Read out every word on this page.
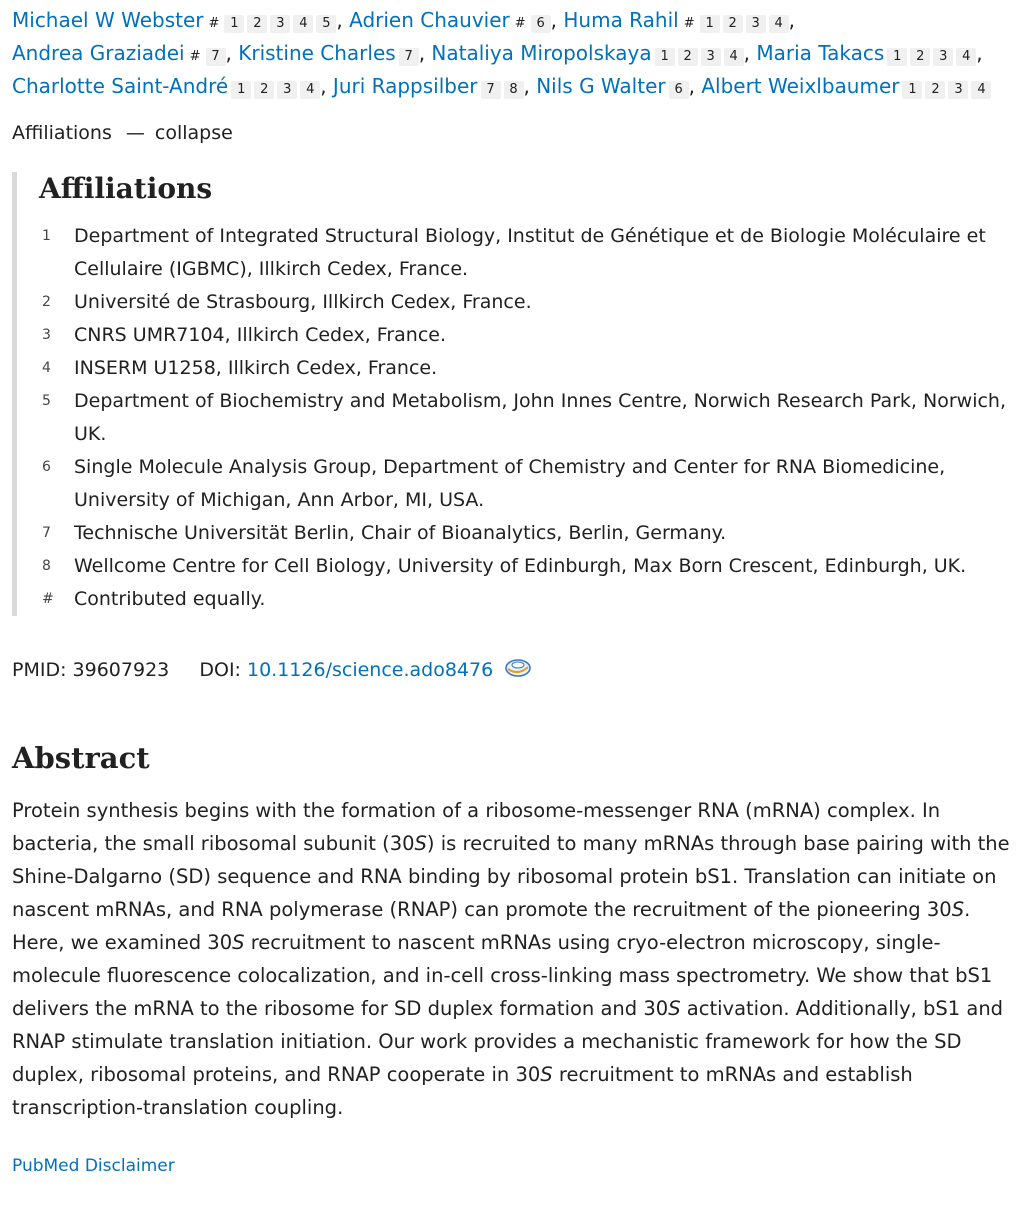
Michael W Webster # 1 2 3 4 5 , Adrien Chauvier # 6 , Huma Rahil # 1 2 3 4 ,
Andrea Graziadei # 7 , Kristine Charles 7 , Nataliya Miropolskaya 1 2 3 4 , Maria Takacs 1 2 3 4 ,
Charlotte Saint-André 1 2 3 4 , Juri Rappsilber 7 8 , Nils G Walter 6 , Albert Weixlbaumer 1 2 3 4
Affiliations — collapse
Affiliations
1	Department of Integrated Structural Biology, Institut de Génétique et de Biologie Moléculaire et Cellulaire (IGBMC), Illkirch Cedex, France.
2	Université de Strasbourg, Illkirch Cedex, France.
3	CNRS UMR7104, Illkirch Cedex, France.
4	INSERM U1258, Illkirch Cedex, France.
5	Department of Biochemistry and Metabolism, John Innes Centre, Norwich Research Park, Norwich, UK.
6	Single Molecule Analysis Group, Department of Chemistry and Center for RNA Biomedicine, University of Michigan, Ann Arbor, MI, USA.
7	Technische Universität Berlin, Chair of Bioanalytics, Berlin, Germany.
8	Wellcome Centre for Cell Biology, University of Edinburgh, Max Born Crescent, Edinburgh, UK.
#	Contributed equally.
PMID: 39607923 DOI: 10.1126/science.ado8476
Abstract

Protein synthesis begins with the formation of a ribosome-messenger RNA (mRNA) complex. In bacteria, the small ribosomal subunit (30S) is recruited to many mRNAs through base pairing with the Shine-Dalgarno (SD) sequence and RNA binding by ribosomal protein bS1. Translation can initiate on nascent mRNAs, and RNA polymerase (RNAP) can promote the recruitment of the pioneering 30S. Here, we examined 30S recruitment to nascent mRNAs using cryo-electron microscopy, single-molecule fluorescence colocalization, and in-cell cross-linking mass spectrometry. We show that bS1 delivers the mRNA to the ribosome for SD duplex formation and 30S activation. Additionally, bS1 and RNAP stimulate translation initiation. Our work provides a mechanistic framework for how the SD duplex, ribosomal proteins, and RNAP cooperate in 30S recruitment to mRNAs and establish transcription-translation coupling.

PubMed Disclaimer
